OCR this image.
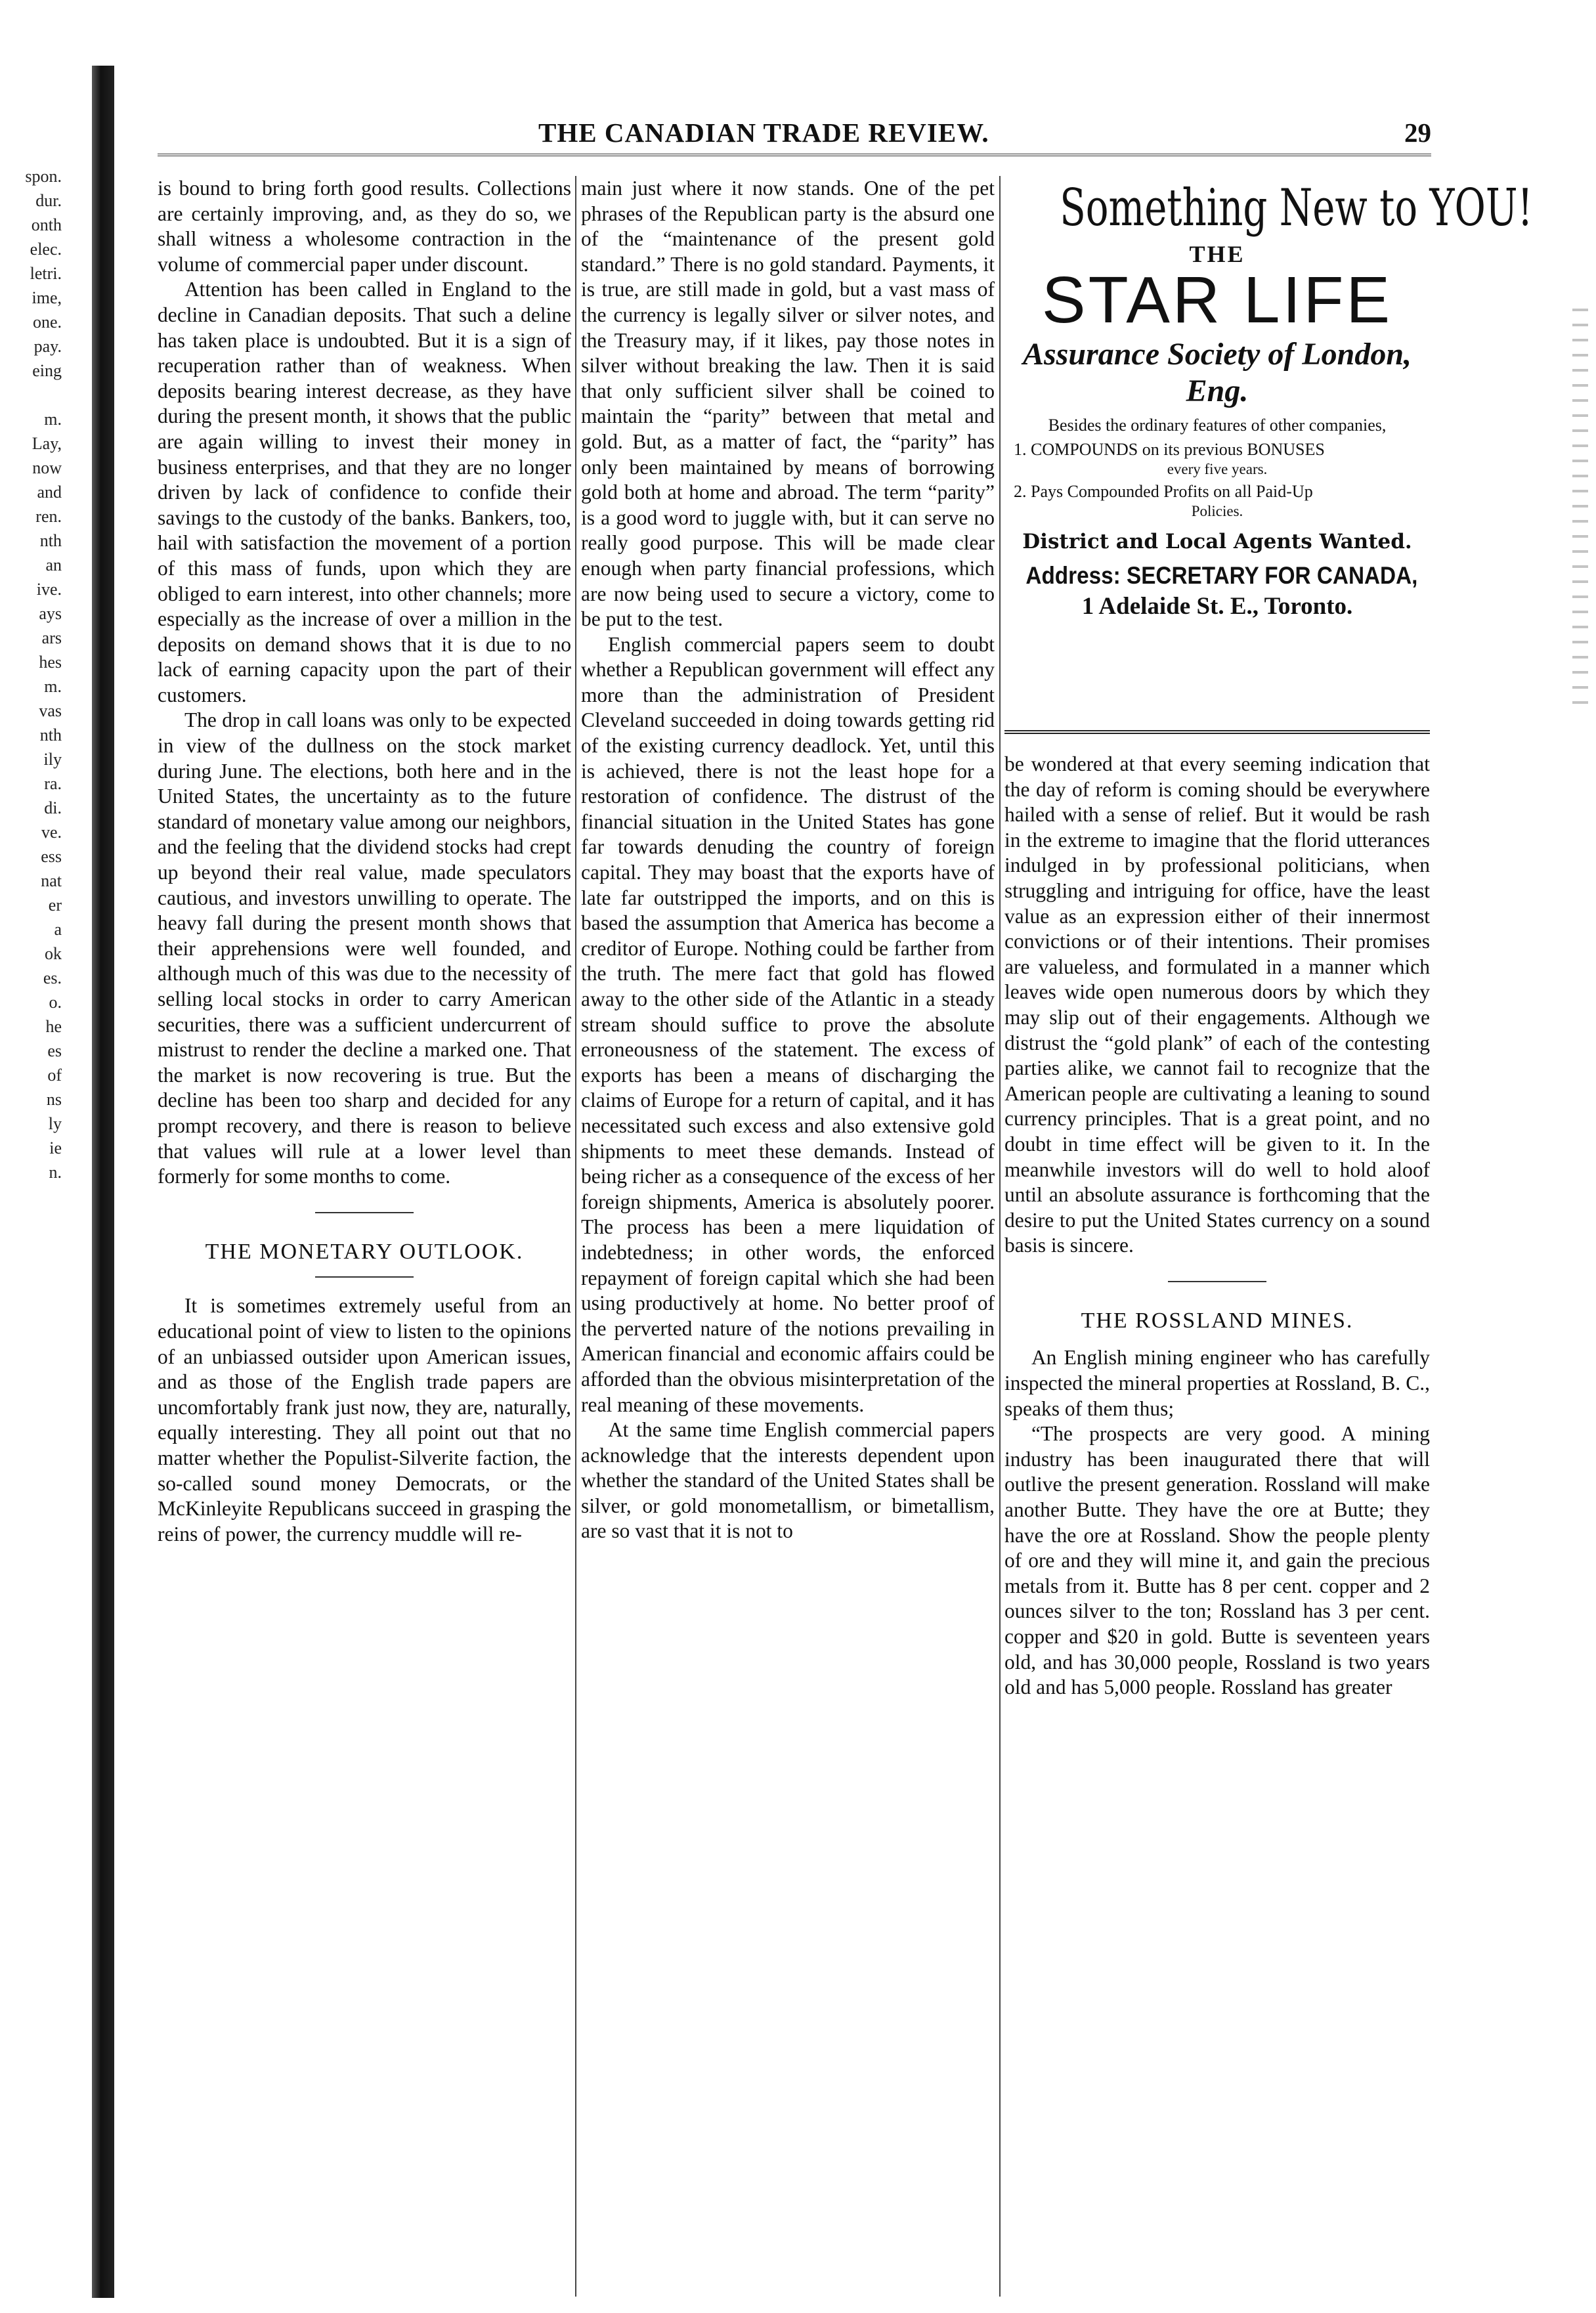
spon.
dur.
onth
elec.
letri.
ime,
one.
pay.
eing
m.
Lay,
now
and
ren.
nth
an
ive.
ays
ars
hes
m.
vas
nth
ily
ra.
di.
ve.
ess
nat
er
a
ok
es.
o.
he
es
of
ns
ly
ie
n.
THE CANADIAN TRADE REVIEW.	29

is bound to bring forth good results. Collections are certainly improving, and, as they do so, we shall witness a wholesome contraction in the volume of commercial paper under discount.

Attention has been called in England to the decline in Canadian deposits. That such a deline has taken place is undoubted. But it is a sign of recuperation rather than of weakness. When deposits bearing interest decrease, as they have during the present month, it shows that the public are again willing to invest their money in business enterprises, and that they are no longer driven by lack of confidence to confide their savings to the custody of the banks. Bankers, too, hail with satisfaction the movement of a portion of this mass of funds, upon which they are obliged to earn interest, into other channels; more especially as the increase of over a million in the deposits on demand shows that it is due to no lack of earning capacity upon the part of their customers.

The drop in call loans was only to be expected in view of the dullness on the stock market during June. The elections, both here and in the United States, the uncertainty as to the future standard of monetary value among our neighbors, and the feeling that the dividend stocks had crept up beyond their real value, made speculators cautious, and investors unwilling to operate. The heavy fall during the present month shows that their apprehensions were well founded, and although much of this was due to the necessity of selling local stocks in order to carry American securities, there was a sufficient undercurrent of mistrust to render the decline a marked one. That the market is now recovering is true. But the decline has been too sharp and decided for any prompt recovery, and there is reason to believe that values will rule at a lower level than formerly for some months to come.

THE MONETARY OUTLOOK.

It is sometimes extremely useful from an educational point of view to listen to the opinions of an unbiassed outsider upon American issues, and as those of the English trade papers are uncomfortably frank just now, they are, naturally, equally interesting. They all point out that no matter whether the Populist-Silverite faction, the so-called sound money Democrats, or the McKinleyite Republicans succeed in grasping the reins of power, the currency muddle will re-

main just where it now stands. One of the pet phrases of the Republican party is the absurd one of the “maintenance of the present gold standard.” There is no gold standard. Payments, it is true, are still made in gold, but a vast mass of the currency is legally silver or silver notes, and the Treasury may, if it likes, pay those notes in silver without breaking the law. Then it is said that only sufficient silver shall be coined to maintain the “parity” between that metal and gold. But, as a matter of fact, the “parity” has only been maintained by means of borrowing gold both at home and abroad. The term “parity” is a good word to juggle with, but it can serve no really good purpose. This will be made clear enough when party financial professions, which are now being used to secure a victory, come to be put to the test.

English commercial papers seem to doubt whether a Republican government will effect any more than the administration of President Cleveland succeeded in doing towards getting rid of the existing currency deadlock. Yet, until this is achieved, there is not the least hope for a restoration of confidence. The distrust of the financial situation in the United States has gone far towards denuding the country of foreign capital. They may boast that the exports have of late far outstripped the imports, and on this is based the assumption that America has become a creditor of Europe. Nothing could be farther from the truth. The mere fact that gold has flowed away to the other side of the Atlantic in a steady stream should suffice to prove the absolute erroneousness of the statement. The excess of exports has been a means of discharging the claims of Europe for a return of capital, and it has necessitated such excess and also extensive gold shipments to meet these demands. Instead of being richer as a consequence of the excess of her foreign shipments, America is absolutely poorer. The process has been a mere liquidation of indebtedness; in other words, the enforced repayment of foreign capital which she had been using productively at home. No better proof of the perverted nature of the notions prevailing in American financial and economic affairs could be afforded than the obvious misinterpretation of the real meaning of these movements.

At the same time English commercial papers acknowledge that the interests dependent upon whether the standard of the United States shall be silver, or gold monometallism, or bimetallism, are so vast that it is not to

Something New to YOU!
THE
STAR LIFE
Assurance Society of London, Eng.
Besides the ordinary features of other companies,
1. COMPOUNDS on its previous BONUSES
every five years.
2. Pays Compounded Profits on all Paid-Up
Policies.
District and Local Agents Wanted.
Address: SECRETARY FOR CANADA,
1 Adelaide St. E., Toronto.

be wondered at that every seeming indication that the day of reform is coming should be everywhere hailed with a sense of relief. But it would be rash in the extreme to imagine that the florid utterances indulged in by professional politicians, when struggling and intriguing for office, have the least value as an expression either of their innermost convictions or of their intentions. Their promises are valueless, and formulated in a manner which leaves wide open numerous doors by which they may slip out of their engagements. Although we distrust the “gold plank” of each of the contesting parties alike, we cannot fail to recognize that the American people are cultivating a leaning to sound currency principles. That is a great point, and no doubt in time effect will be given to it. In the meanwhile investors will do well to hold aloof until an absolute assurance is forthcoming that the desire to put the United States currency on a sound basis is sincere.

THE ROSSLAND MINES.

An English mining engineer who has carefully inspected the mineral properties at Rossland, B. C., speaks of them thus;

“The prospects are very good. A mining industry has been inaugurated there that will outlive the present generation. Rossland will make another Butte. They have the ore at Butte; they have the ore at Rossland. Show the people plenty of ore and they will mine it, and gain the precious metals from it. Butte has 8 per cent. copper and 2 ounces silver to the ton; Rossland has 3 per cent. copper and $20 in gold. Butte is seventeen years old, and has 30,000 people, Rossland is two years old and has 5,000 people. Rossland has greater
